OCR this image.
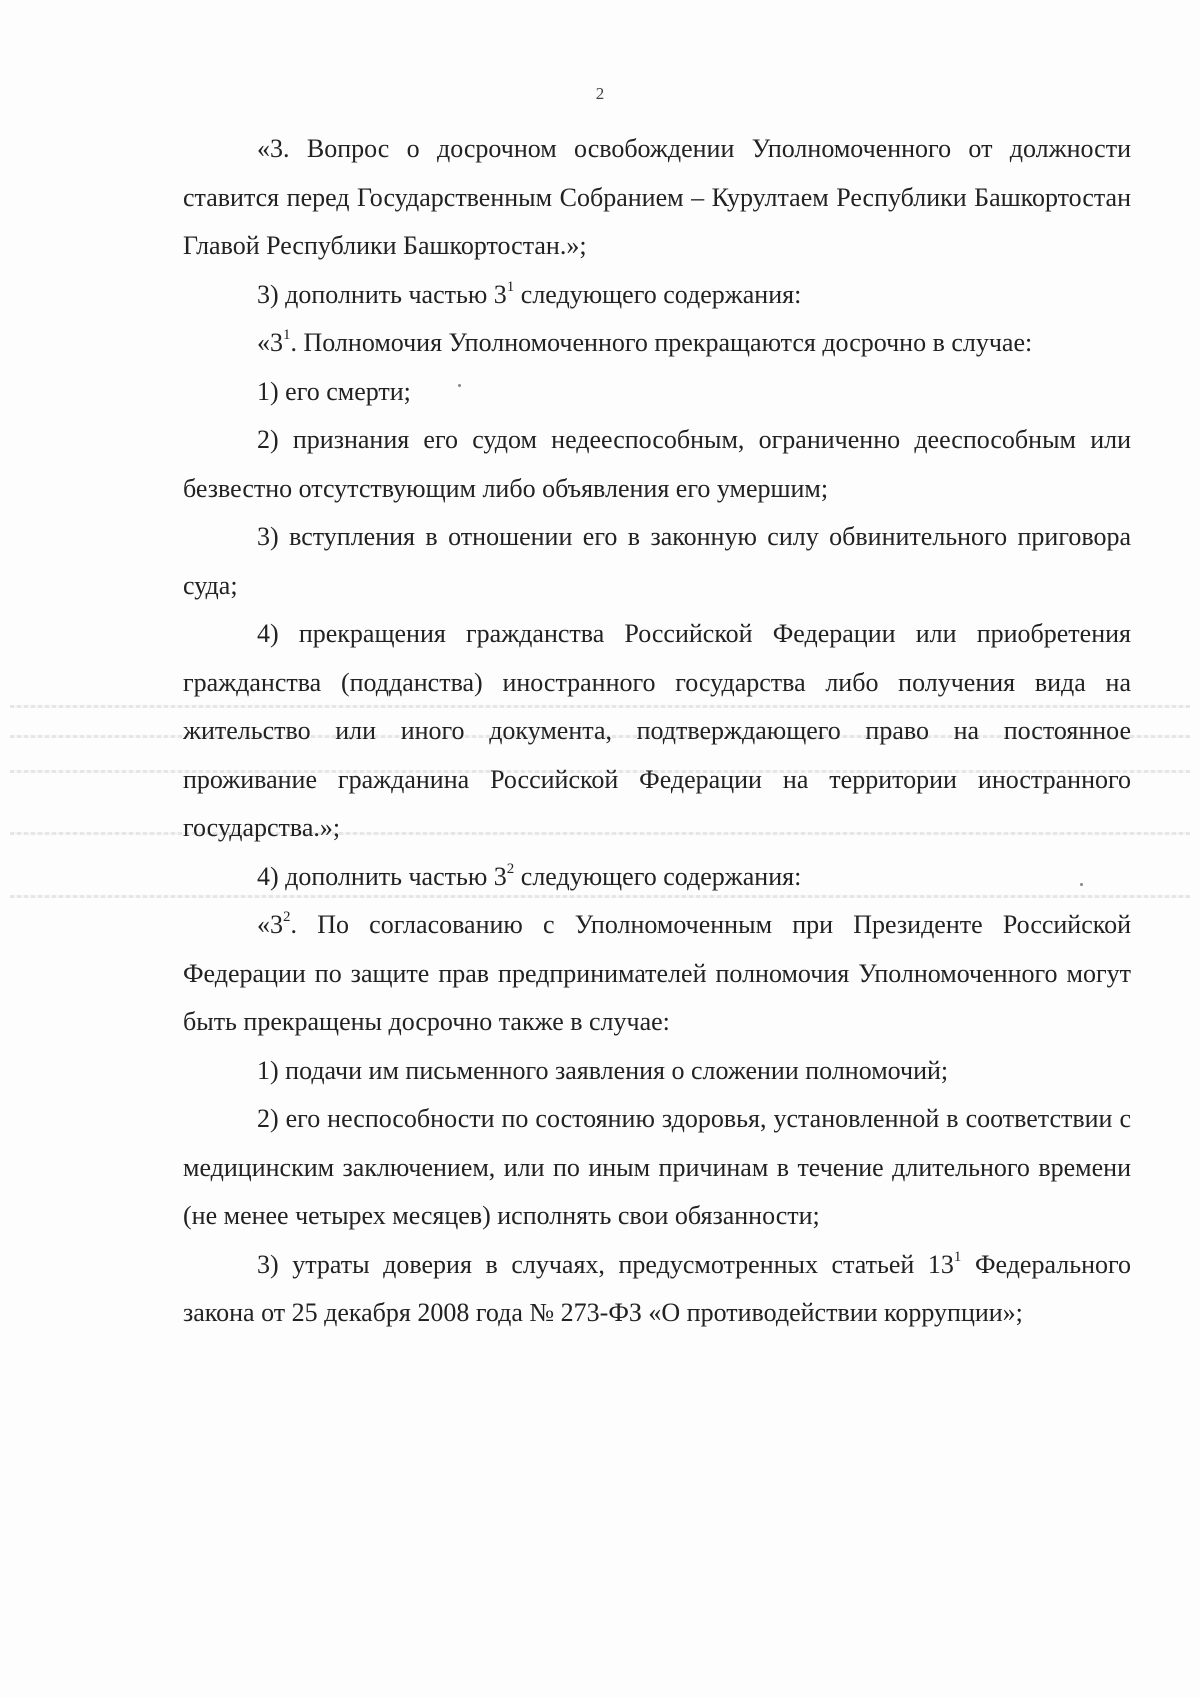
2

«3. Вопрос о досрочном освобождении Уполномоченного от должности ставится перед Государственным Собранием – Курултаем Республики Башкортостан Главой Республики Башкортостан.»;

3) дополнить частью $3^1$ следующего содержания:

«$3^1$. Полномочия Уполномоченного прекращаются досрочно в случае:

1) его смерти;

2) признания его судом недееспособным, ограниченно дееспособным или безвестно отсутствующим либо объявления его умершим;

3) вступления в отношении его в законную силу обвинительного приговора суда;

4) прекращения гражданства Российской Федерации или приобретения гражданства (подданства) иностранного государства либо получения вида на жительство или иного документа, подтверждающего право на постоянное проживание гражданина Российской Федерации на территории иностранного государства.»;

4) дополнить частью $3^2$ следующего содержания:

«$3^2$. По согласованию с Уполномоченным при Президенте Российской Федерации по защите прав предпринимателей полномочия Уполномоченного могут быть прекращены досрочно также в случае:

1) подачи им письменного заявления о сложении полномочий;

2) его неспособности по состоянию здоровья, установленной в соответствии с медицинским заключением, или по иным причинам в течение длительного времени (не менее четырех месяцев) исполнять свои обязанности;

3) утраты доверия в случаях, предусмотренных статьей $13^1$ Федерального закона от 25 декабря 2008 года № 273-ФЗ «О противодействии коррупции»;
